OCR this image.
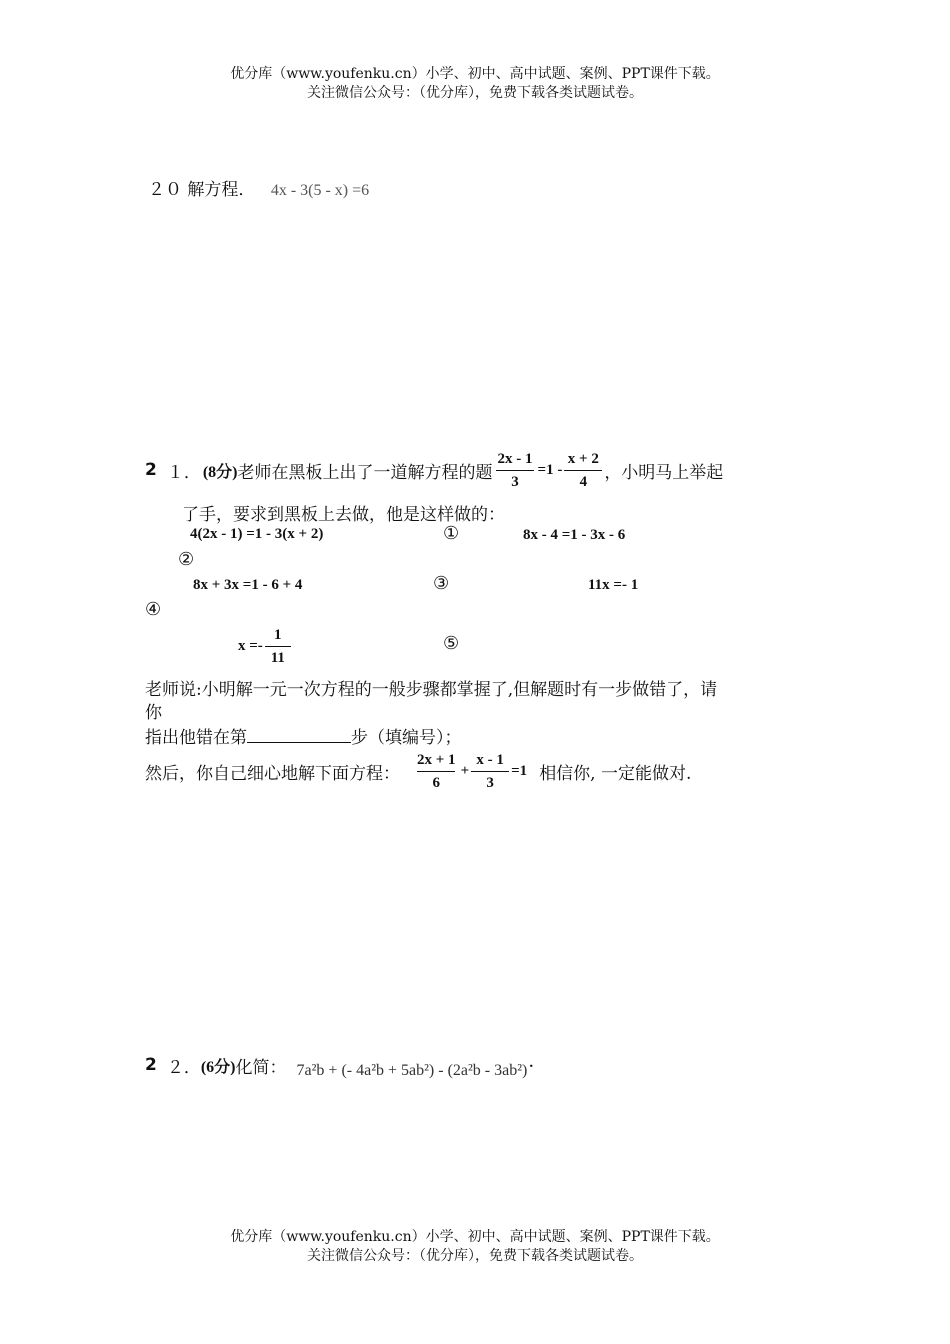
优分库（www.youfenku.cn）小学、初中、高中试题、案例、PPT课件下载。
关注微信公众号：（优分库），免费下载各类试题试卷。
２０ 解方程． 4x - 3(5 - x) =6
2 １． (8分) 老师在黑板上出了一道解方程的题 $\frac{2x - 1}{3} =1 - \frac{x + 2}{4}$ ，小明马上举起
了手，要求到黑板上去做，他是这样做的：
4(2x - 1) =1 - 3(x + 2)	①	8x - 4 =1 - 3x - 6
②
8x + 3x =1 - 6 + 4	③	11x =- 1
④
$x =- \frac{1}{11}$	⑤
老师说:小明解一元一次方程的一般步骤都掌握了,但解题时有一步做错了，请
你
指出他错在第	步（填编号）；
然后，你自己细心地解下面方程： $\frac{2x + 1}{6} + \frac{x - 1}{3} =1$ 相信你, 一定能做对.
2 ２． (6分) 化简： 7a²b + (- 4a²b + 5ab²) - (2a²b - 3ab²) .
优分库（www.youfenku.cn）小学、初中、高中试题、案例、PPT课件下载。
关注微信公众号：（优分库），免费下载各类试题试卷。
